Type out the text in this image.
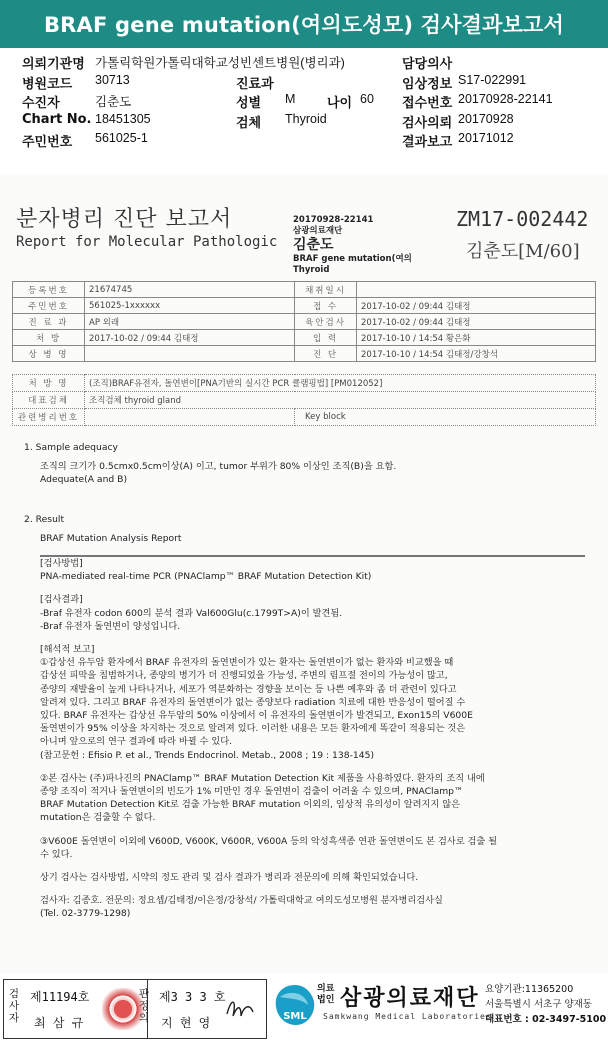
BRAF gene mutation(여의도성모) 검사결과보고서
의뢰기관명 가톨릭학원가톨릭대학교성빈센트병원(병리과)	담당의사
병원코드 30713	진료과	임상정보 S17-022991
수진자	김춘도	성별 M 나이 60 접수번호 20170928-22141
Chart No. 18451305	검체 Thyroid	검사의뢰 20170928
주민번호 561025-1	결과보고 20171012
분자병리 진단 보고서
Report for Molecular Pathologic
20170928-22141
삼광의료재단
김춘도
BRAF gene mutation(여의
Thyroid
ZM17-002442
김춘도[M/60]
등록번호	21674745	채취일시	
주민번호	561025-1xxxxxx	접 수	2017-10-02 / 09:44 김태정
진 료 과	AP 외래	육안검사	2017-10-02 / 09:44 김태정
처 방	2017-10-02 / 09:44 김태정	입 력	2017-10-10 / 14:54 황은화
상 병 명		진 단	2017-10-10 / 14:54 김태정/강창석
처 방 명	(조직)BRAF유전자, 돌연변이[PNA기반의 실시간 PCR 클램핑법] [PM012052]	
대표검체	조직검체 thyroid gland	
관련병리번호		Key block

1. Sample adequacy

조직의 크기가 0.5cmx0.5cm이상(A) 이고, tumor 부위가 80% 이상인 조직(B)을 요함.

Adequate(A and B)

2. Result

BRAF Mutation Analysis Report

[검사방법]

PNA-mediated real-time PCR (PNAClamp™ BRAF Mutation Detection Kit)

[검사결과]

-Braf 유전자 codon 600의 분석 결과 Val600Glu(c.1799T>A)이 발견됨.

-Braf 유전자 돌연변이 양성입니다.

[해석적 보고]

①갑상선 유두암 환자에서 BRAF 유전자의 돌연변이가 있는 환자는 돌연변이가 없는 환자와 비교했을 때

갑상선 피막을 침범하거나, 종양의 병기가 더 진행되었을 가능성, 주변의 림프절 전이의 가능성이 많고,

종양의 재발율이 높게 나타나거나, 세포가 역분화하는 경향을 보이는 등 나쁜 예후와 좀 더 관련이 있다고

알려져 있다. 그리고 BRAF 유전자의 돌연변이가 없는 종양보다 radiation 치료에 대한 반응성이 떨어질 수

있다. BRAF 유전자는 갑상선 유두암의 50% 이상에서 이 유전자의 돌연변이가 발견되고, Exon15의 V600E

돌연변이가 95% 이상을 차지하는 것으로 알려져 있다. 이러한 내용은 모든 환자에게 똑같이 적용되는 것은

아니며 앞으로의 연구 결과에 따라 바뀔 수 있다.

(참고문헌 : Efisio P. et al., Trends Endocrinol. Metab., 2008 ; 19 : 138-145)

②본 검사는 (주)파나진의 PNAClamp™ BRAF Mutation Detection Kit 제품을 사용하였다. 환자의 조직 내에

종양 조직이 적거나 돌연변이의 빈도가 1% 미만인 경우 돌연변이 검출이 어려울 수 있으며, PNAClamp™

BRAF Mutation Detection Kit로 검출 가능한 BRAF mutation 이외의, 임상적 유의성이 알려지지 않은

mutation은 검출할 수 없다.

③V600E 돌연변이 이외에 V600D, V600K, V600R, V600A 등의 악성흑색종 연관 돌연변이도 본 검사로 검출 될

수 있다.

상기 검사는 검사방법, 시약의 정도 관리 및 검사 결과가 병리과 전문의에 의해 확인되었습니다.

검사자: 김종호. 전문의: 정요셉/김태정/이은정/강창석/ 가톨릭대학교 여의도성모병원 분자병리검사실

(Tel. 02-3779-1298)

검사자
제11194호
최 삼 규
판정의
제3 3 3 호
지 현 영	SML
의료법인 삼광의료재단
Samkwang Medical Laboratories
요양기관:11365200
서울특별시 서초구 양재동
대표번호 : 02-3497-5100
